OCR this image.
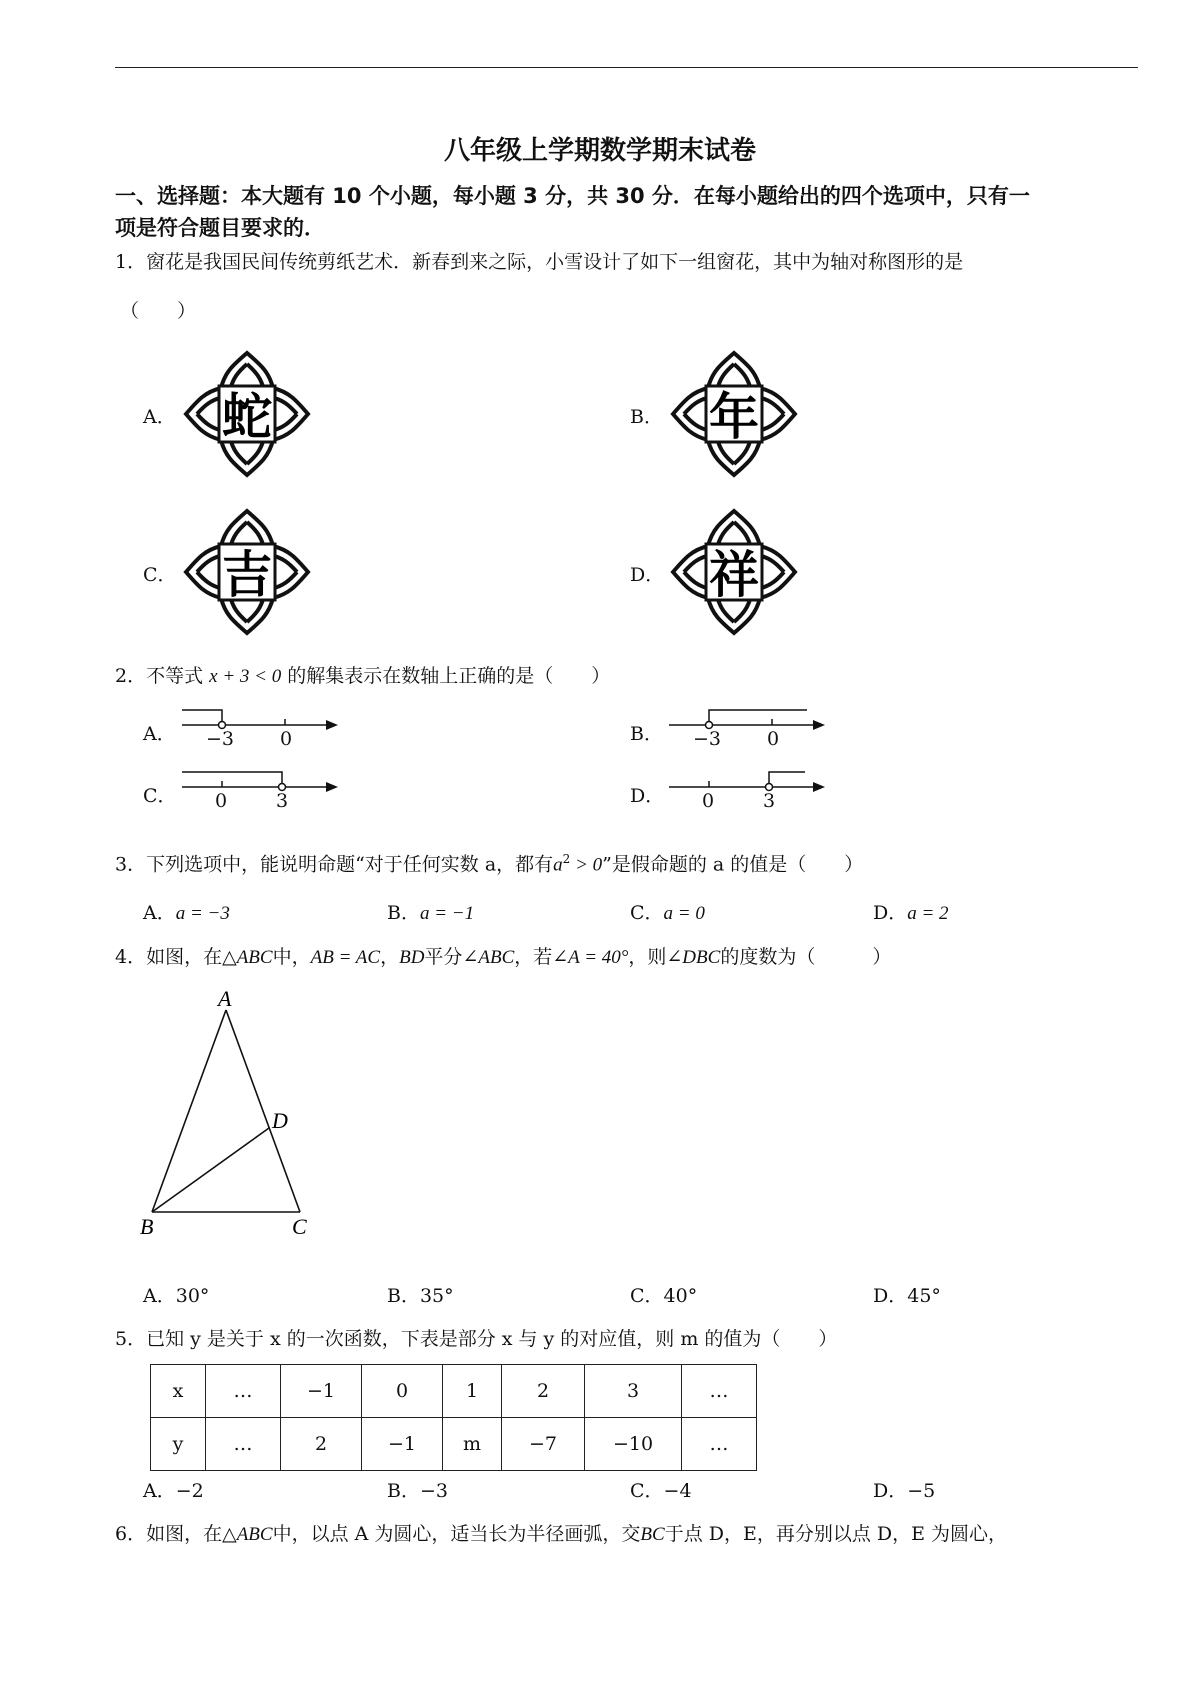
八年级上学期数学期末试卷
一、选择题：本大题有 10 个小题，每小题 3 分，共 30 分．在每小题给出的四个选项中，只有一
项是符合题目要求的．
1．窗花是我国民间传统剪纸艺术．新春到来之际，小雪设计了如下一组窗花，其中为轴对称图形的是
（　　）
A．	B．
C．	D．
蛇	年
吉	祥
2．不等式 x + 3 < 0 的解集表示在数轴上正确的是（　　）
A． −3 0	B． −3 0
C． 0	3	D． 0	3
3．下列选项中，能说明命题“对于任何实数 a，都有$a^2 > 0$”是假命题的 a 的值是（　　）
A．a = −3	B．a = −1	C．a = 0	D．a = 2
4．如图，在△ABC中，AB = AC，BD平分∠ABC，若∠A = 40°，则∠DBC的度数为（　　　）
A
D
B	C
A．30°	B．35°	C．40°	D．45°
5．已知 y 是关于 x 的一次函数，下表是部分 x 与 y 的对应值，则 m 的值为（　　）
x	…	−1	0	1	2	3	…
y	…	2	−1	m	−7	−10	…
A．−2	B．−3	C．−4	D．−5
6．如图，在△ABC中，以点 A 为圆心，适当长为半径画弧，交BC于点 D，E，再分别以点 D，E 为圆心，
